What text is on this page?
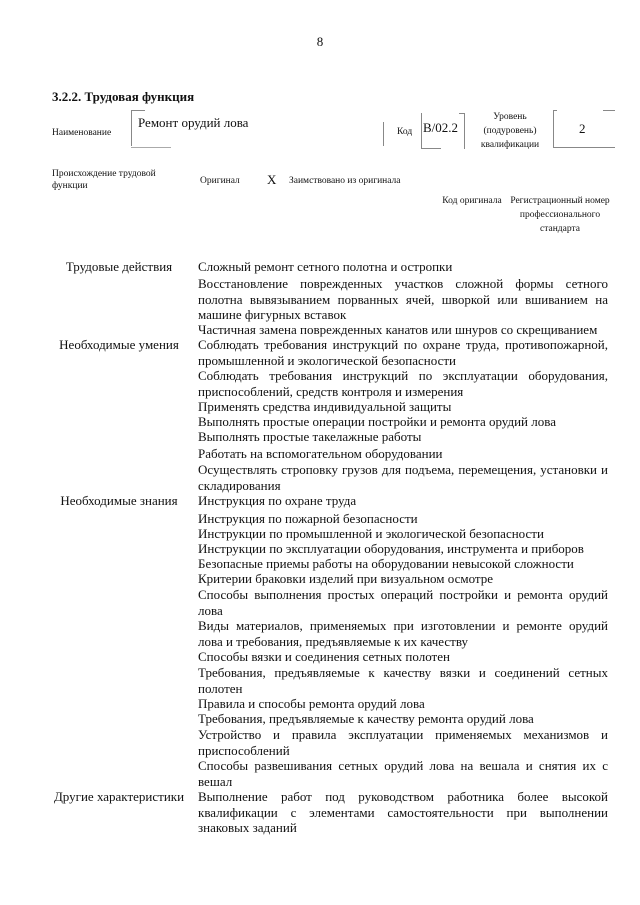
8
3.2.2. Трудовая функция
Наименование
Ремонт орудий лова
Код В/02.2
Уровень (подуровень) квалификации
2
Происхождение трудовой функции	Оригинал Х Заимствовано из оригинала
Код оригинала Регистрационный номер профессионального стандарта
Трудовые действия	Сложный ремонт сетного полотна и остропки
Восстановление поврежденных участков сложной формы сетного полотна вывязыванием порванных ячей, шворкой или вшиванием на машине фигурных вставок
Частичная замена поврежденных канатов или шнуров со скрещиванием
Необходимые умения	Соблюдать требования инструкций по охране труда, противопожарной, промышленной и экологической безопасности
Соблюдать требования инструкций по эксплуатации оборудования, приспособлений, средств контроля и измерения
Применять средства индивидуальной защиты
Выполнять простые операции постройки и ремонта орудий лова
Выполнять простые такелажные работы
Работать на вспомогательном оборудовании
Осуществлять строповку грузов для подъема, перемещения, установки и складирования
Необходимые знания	Инструкция по охране труда
Инструкция по пожарной безопасности
Инструкции по промышленной и экологической безопасности
Инструкции по эксплуатации оборудования, инструмента и приборов
Безопасные приемы работы на оборудовании невысокой сложности
Критерии браковки изделий при визуальном осмотре
Способы выполнения простых операций постройки и ремонта орудий лова
Виды материалов, применяемых при изготовлении и ремонте орудий лова и требования, предъявляемые к их качеству
Способы вязки и соединения сетных полотен
Требования, предъявляемые к качеству вязки и соединений сетных полотен
Правила и способы ремонта орудий лова
Требования, предъявляемые к качеству ремонта орудий лова
Устройство и правила эксплуатации применяемых механизмов и приспособлений
Способы развешивания сетных орудий лова на вешала и снятия их с вешал
Другие характеристики	Выполнение работ под руководством работника более высокой квалификации с элементами самостоятельности при выполнении знаковых заданий
